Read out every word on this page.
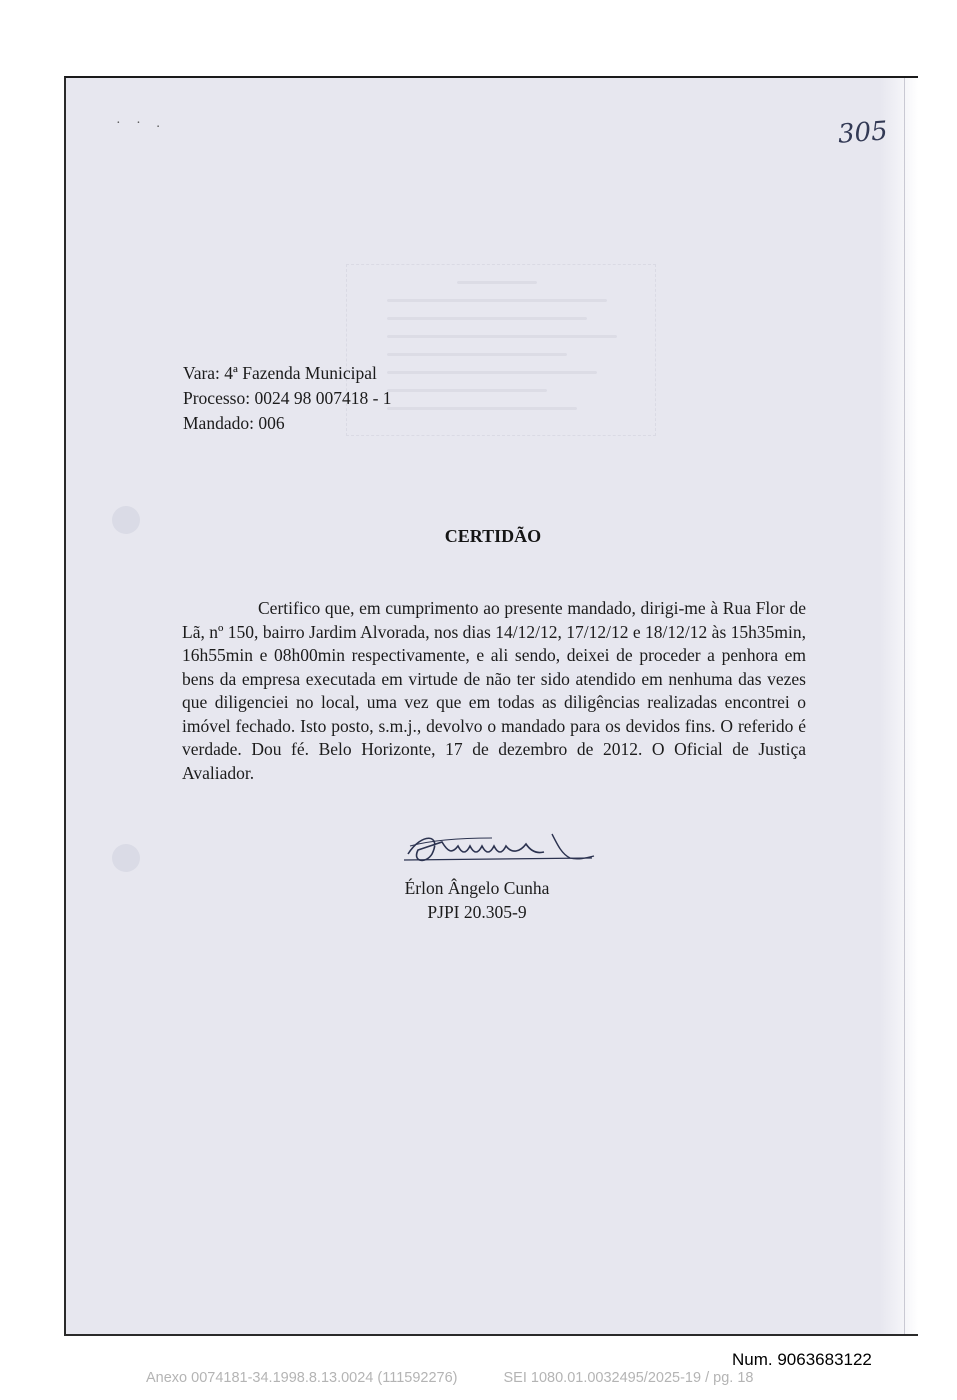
· · .	305
Vara: 4ª Fazenda Municipal
Processo: 0024 98 007418 - 1
Mandado: 006
CERTIDÃO
Certifico que, em cumprimento ao presente mandado, dirigi-me à Rua Flor de Lã, nº 150, bairro Jardim Alvorada, nos dias 14/12/12, 17/12/12 e 18/12/12 às 15h35min, 16h55min e 08h00min respectivamente, e ali sendo, deixei de proceder a penhora em bens da empresa executada em virtude de não ter sido atendido em nenhuma das vezes que diligenciei no local, uma vez que em todas as diligências realizadas encontrei o imóvel fechado. Isto posto, s.m.j., devolvo o mandado para os devidos fins. O referido é verdade. Dou fé. Belo Horizonte, 17 de dezembro de 2012. O Oficial de Justiça Avaliador.
Érlon Ângelo Cunha
PJPI 20.305-9
Num. 9063683122
Anexo 0074181-34.1998.8.13.0024 (111592276)	SEI 1080.01.0032495/2025-19 / pg. 18
